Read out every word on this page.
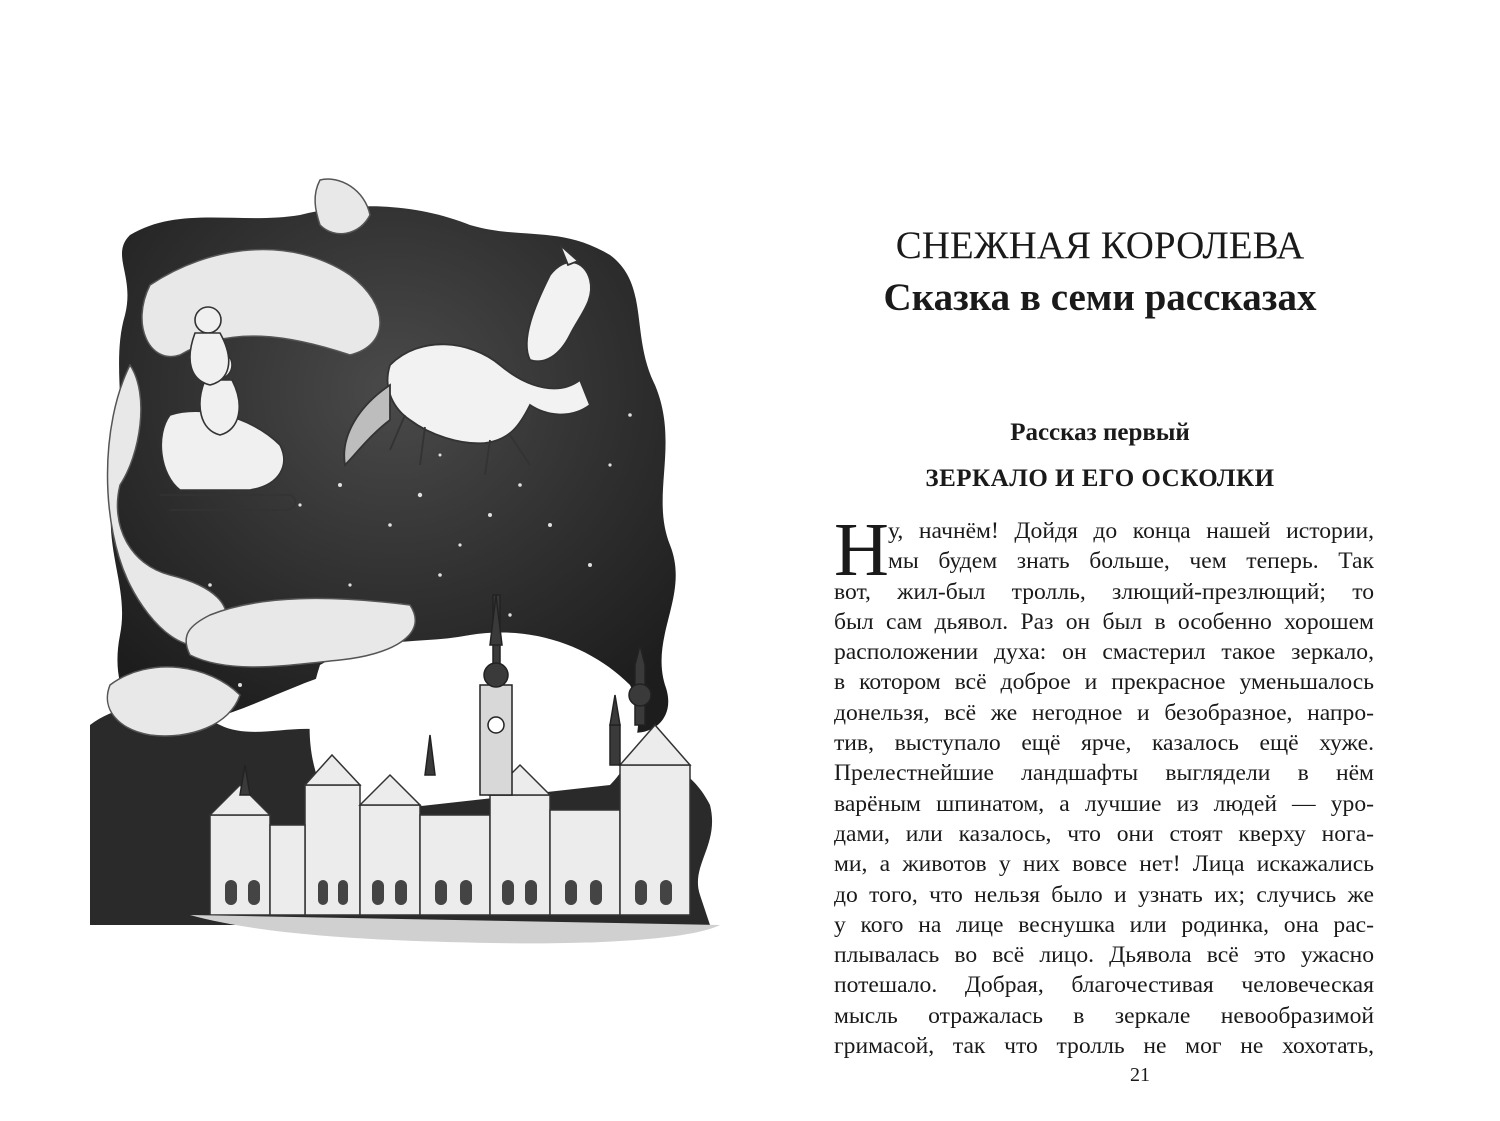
СНЕЖНАЯ КОРОЛЕВА
Сказка в семи рассказах
Рассказ первый
ЗЕРКАЛО И ЕГО ОСКОЛКИ
Н у, начнём! Дойдя до конца нашей истории,
мы будем знать больше, чем теперь. Так
вот, жил-был тролль, злющий-презлющий; то
был сам дьявол. Раз он был в особенно хорошем
расположении духа: он смастерил такое зеркало,
в котором всё доброе и прекрасное уменьшалось
донельзя, всё же негодное и безобразное, напро-
тив, выступало ещё ярче, казалось ещё хуже.
Прелестнейшие ландшафты выглядели в нём
варёным шпинатом, а лучшие из людей — уро-
дами, или казалось, что они стоят кверху нога-
ми, а животов у них вовсе нет! Лица искажались
до того, что нельзя было и узнать их; случись же
у кого на лице веснушка или родинка, она рас-
плывалась во всё лицо. Дьявола всё это ужасно
потешало. Добрая, благочестивая человеческая
мысль отражалась в зеркале невообразимой
гримасой, так что тролль не мог не хохотать,
21
